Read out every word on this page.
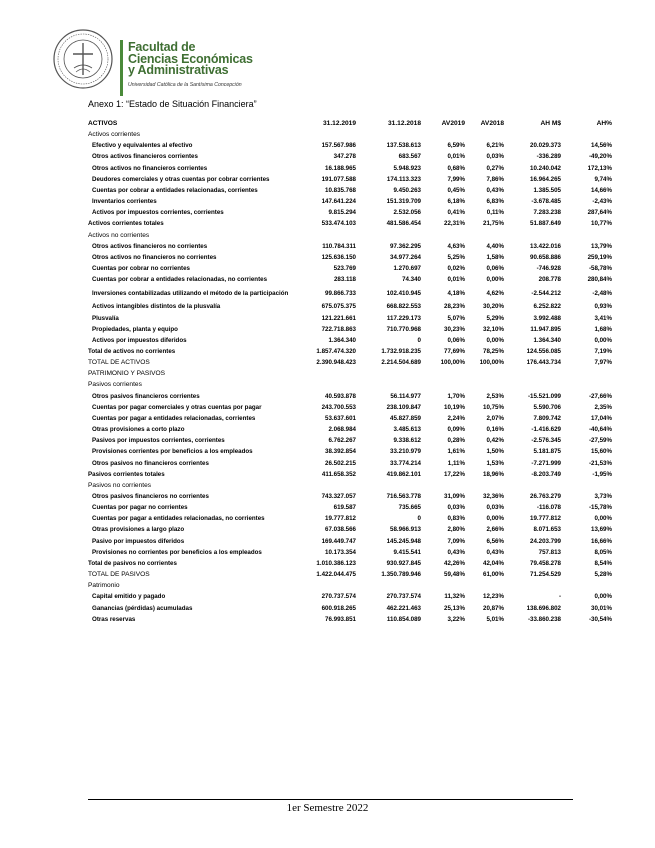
Facultad de
Ciencias Económicas
y Administrativas
Universidad Católica de la Santísima Concepción
Anexo 1: “Estado de Situación Financiera”
ACTIVOS	31.12.2019	31.12.2018	AV2019	AV2018	AH M$	AH%
Activos corrientes						
Efectivo y equivalentes al efectivo	157.567.986	137.538.613	6,59%	6,21%	20.029.373	14,56%
Otros activos financieros corrientes	347.278	683.567	0,01%	0,03%	-336.289	-49,20%
Otros activos no financieros corrientes	16.188.965	5.948.923	0,68%	0,27%	10.240.042	172,13%
Deudores comerciales y otras cuentas por cobrar corrientes	191.077.588	174.113.323	7,99%	7,86%	16.964.265	9,74%
Cuentas por cobrar a entidades relacionadas, corrientes	10.835.768	9.450.263	0,45%	0,43%	1.385.505	14,66%
Inventarios corrientes	147.641.224	151.319.709	6,18%	6,83%	-3.678.485	-2,43%
Activos por impuestos corrientes, corrientes	9.815.294	2.532.056	0,41%	0,11%	7.283.238	287,64%
Activos corrientes totales	533.474.103	481.586.454	22,31%	21,75%	51.887.649	10,77%
Activos no corrientes						
Otros activos financieros no corrientes	110.784.311	97.362.295	4,63%	4,40%	13.422.016	13,79%
Otros activos no financieros no corrientes	125.636.150	34.977.264	5,25%	1,58%	90.658.886	259,19%
Cuentas por cobrar no corrientes	523.769	1.270.697	0,02%	0,06%	-746.928	-58,78%
Cuentas por cobrar a entidades relacionadas, no corrientes	283.118	74.340	0,01%	0,00%	208.778	280,84%
Inversiones contabilizadas utilizando el método de la participación	99.866.733	102.410.945	4,18%	4,62%	-2.544.212	-2,48%
Activos intangibles distintos de la plusvalía	675.075.375	668.822.553	28,23%	30,20%	6.252.822	0,93%
Plusvalía	121.221.661	117.229.173	5,07%	5,29%	3.992.488	3,41%
Propiedades, planta y equipo	722.718.863	710.770.968	30,23%	32,10%	11.947.895	1,68%
Activos por impuestos diferidos	1.364.340	0	0,06%	0,00%	1.364.340	0,00%
Total de activos no corrientes	1.857.474.320	1.732.918.235	77,69%	78,25%	124.556.085	7,19%
TOTAL DE ACTIVOS	2.390.948.423	2.214.504.689	100,00%	100,00%	176.443.734	7,97%
PATRIMONIO Y PASIVOS						
Pasivos corrientes						
Otros pasivos financieros corrientes	40.593.878	56.114.977	1,70%	2,53%	-15.521.099	-27,66%
Cuentas por pagar comerciales y otras cuentas por pagar	243.700.553	238.109.847	10,19%	10,75%	5.590.706	2,35%
Cuentas por pagar a entidades relacionadas, corrientes	53.637.601	45.827.859	2,24%	2,07%	7.809.742	17,04%
Otras provisiones a corto plazo	2.068.984	3.485.613	0,09%	0,16%	-1.416.629	-40,64%
Pasivos por impuestos corrientes, corrientes	6.762.267	9.338.612	0,28%	0,42%	-2.576.345	-27,59%
Provisiones corrientes por beneficios a los empleados	38.392.854	33.210.979	1,61%	1,50%	5.181.875	15,60%
Otros pasivos no financieros corrientes	26.502.215	33.774.214	1,11%	1,53%	-7.271.999	-21,53%
Pasivos corrientes totales	411.658.352	419.862.101	17,22%	18,96%	-8.203.749	-1,95%
Pasivos no corrientes						
Otros pasivos financieros no corrientes	743.327.057	716.563.778	31,09%	32,36%	26.763.279	3,73%
Cuentas por pagar no corrientes	619.587	735.665	0,03%	0,03%	-116.078	-15,78%
Cuentas por pagar a entidades relacionadas, no corrientes	19.777.812	0	0,83%	0,00%	19.777.812	0,00%
Otras provisiones a largo plazo	67.038.566	58.966.913	2,80%	2,66%	8.071.653	13,69%
Pasivo por impuestos diferidos	169.449.747	145.245.948	7,09%	6,56%	24.203.799	16,66%
Provisiones no corrientes por beneficios a los empleados	10.173.354	9.415.541	0,43%	0,43%	757.813	8,05%
Total de pasivos no corrientes	1.010.386.123	930.927.845	42,26%	42,04%	79.458.278	8,54%
TOTAL DE PASIVOS	1.422.044.475	1.350.789.946	59,48%	61,00%	71.254.529	5,28%
Patrimonio						
Capital emitido y pagado	270.737.574	270.737.574	11,32%	12,23%	-	0,00%
Ganancias (pérdidas) acumuladas	600.918.265	462.221.463	25,13%	20,87%	138.696.802	30,01%
Otras reservas	76.993.851	110.854.089	3,22%	5,01%	-33.860.238	-30,54%
1er Semestre 2022
